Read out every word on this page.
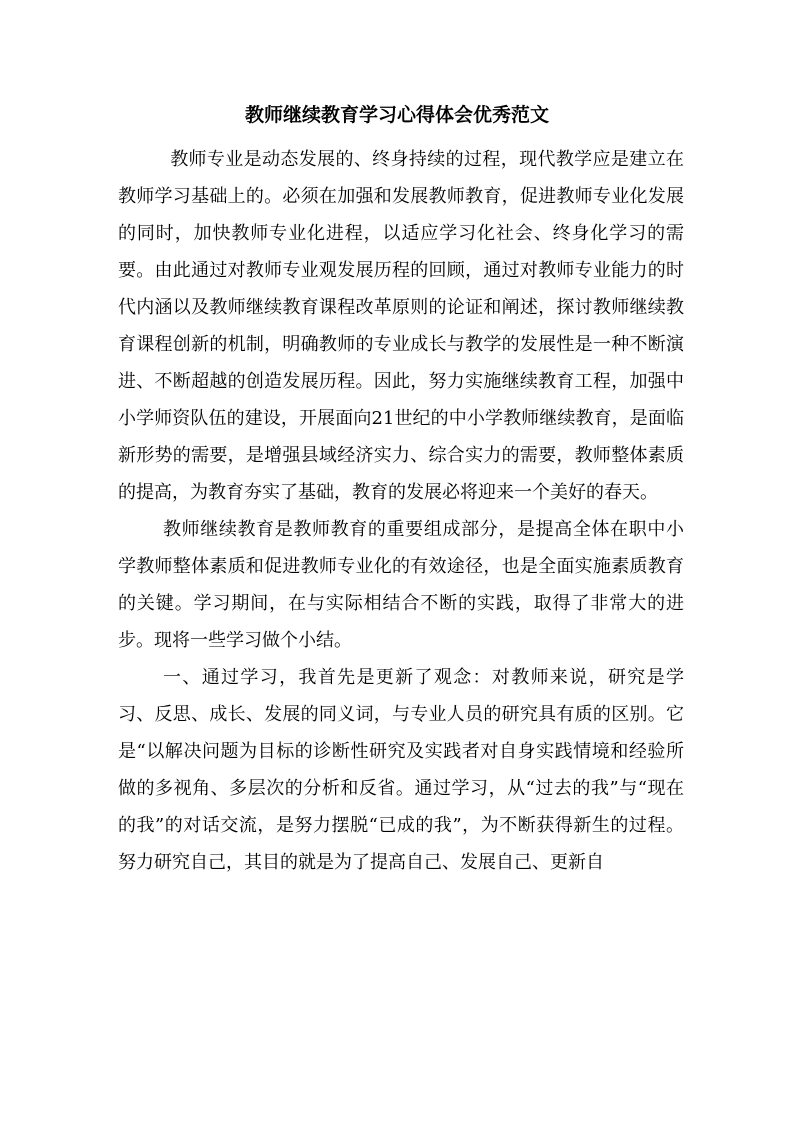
教师继续教育学习心得体会优秀范文

教师专业是动态发展的、终身持续的过程，现代教学应是建立在教师学习基础上的。必须在加强和发展教师教育，促进教师专业化发展的同时，加快教师专业化进程，以适应学习化社会、终身化学习的需要。由此通过对教师专业观发展历程的回顾，通过对教师专业能力的时代内涵以及教师继续教育课程改革原则的论证和阐述，探讨教师继续教育课程创新的机制，明确教师的专业成长与教学的发展性是一种不断演进、不断超越的创造发展历程。因此，努力实施继续教育工程，加强中小学师资队伍的建设，开展面向21世纪的中小学教师继续教育，是面临新形势的需要，是增强县域经济实力、综合实力的需要，教师整体素质的提高，为教育夯实了基础，教育的发展必将迎来一个美好的春天。

教师继续教育是教师教育的重要组成部分，是提高全体在职中小学教师整体素质和促进教师专业化的有效途径，也是全面实施素质教育的关键。学习期间，在与实际相结合不断的实践，取得了非常大的进步。现将一些学习做个小结。

一、通过学习，我首先是更新了观念：对教师来说，研究是学习、反思、成长、发展的同义词，与专业人员的研究具有质的区别。它是“以解决问题为目标的诊断性研究及实践者对自身实践情境和经验所做的多视角、多层次的分析和反省。通过学习，从“过去的我”与“现在的我”的对话交流，是努力摆脱“已成的我”，为不断获得新生的过程。努力研究自己，其目的就是为了提高自己、发展自己、更新自
